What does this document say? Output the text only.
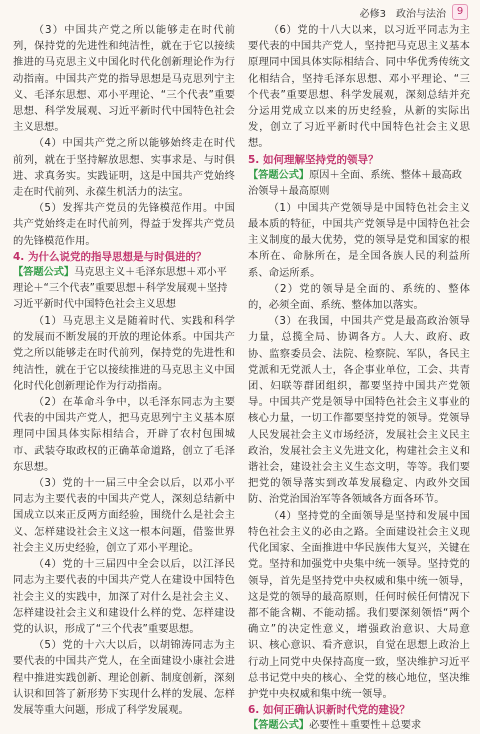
必修3　政治与法治	9

（3）中国共产党之所以能够走在时代前列，保持党的先进性和纯洁性，就在于它以接续推进的马克思主义中国化时代化创新理论作为行动指南。中国共产党的指导思想是马克思列宁主义、毛泽东思想、邓小平理论、“三个代表”重要思想、科学发展观、习近平新时代中国特色社会主义思想。

（4）中国共产党之所以能够始终走在时代前列，就在于坚持解放思想、实事求是、与时俱进、求真务实。实践证明，这是中国共产党始终走在时代前列、永葆生机活力的法宝。

（5）发挥共产党员的先锋模范作用。中国共产党始终走在时代前列，得益于发挥共产党员的先锋模范作用。

4. 为什么说党的指导思想是与时俱进的？

【答题公式】马克思主义＋毛泽东思想＋邓小平理论＋“三个代表”重要思想＋科学发展观＋坚持习近平新时代中国特色社会主义思想

（1）马克思主义是随着时代、实践和科学的发展而不断发展的开放的理论体系。中国共产党之所以能够走在时代前列，保持党的先进性和纯洁性，就在于它以接续推进的马克思主义中国化时代化创新理论作为行动指南。

（2）在革命斗争中，以毛泽东同志为主要代表的中国共产党人，把马克思列宁主义基本原理同中国具体实际相结合，开辟了农村包围城市、武装夺取政权的正确革命道路，创立了毛泽东思想。

（3）党的十一届三中全会以后，以邓小平同志为主要代表的中国共产党人，深刻总结新中国成立以来正反两方面经验，围绕什么是社会主义、怎样建设社会主义这一根本问题，借鉴世界社会主义历史经验，创立了邓小平理论。

（4）党的十三届四中全会以后，以江泽民同志为主要代表的中国共产党人在建设中国特色社会主义的实践中，加深了对什么是社会主义、怎样建设社会主义和建设什么样的党、怎样建设党的认识，形成了“三个代表”重要思想。

（5）党的十六大以后，以胡锦涛同志为主要代表的中国共产党人，在全面建设小康社会进程中推进实践创新、理论创新、制度创新，深刻认识和回答了新形势下实现什么样的发展、怎样发展等重大问题，形成了科学发展观。

（6）党的十八大以来，以习近平同志为主要代表的中国共产党人，坚持把马克思主义基本原理同中国具体实际相结合、同中华优秀传统文化相结合，坚持毛泽东思想、邓小平理论、“三个代表”重要思想、科学发展观，深刻总结并充分运用党成立以来的历史经验，从新的实际出发，创立了习近平新时代中国特色社会主义思想。

5. 如何理解坚持党的领导？

【答题公式】原因＋全面、系统、整体＋最高政治领导＋最高原则

（1）中国共产党领导是中国特色社会主义最本质的特征，中国共产党领导是中国特色社会主义制度的最大优势，党的领导是党和国家的根本所在、命脉所在，是全国各族人民的利益所系、命运所系。

（2）党的领导是全面的、系统的、整体的，必须全面、系统、整体加以落实。

（3）在我国，中国共产党是最高政治领导力量，总揽全局、协调各方。人大、政府、政协、监察委员会、法院、检察院、军队，各民主党派和无党派人士，各企事业单位，工会、共青团、妇联等群团组织，都要坚持中国共产党领导。中国共产党是领导中国特色社会主义事业的核心力量，一切工作都要坚持党的领导。党领导人民发展社会主义市场经济，发展社会主义民主政治，发展社会主义先进文化，构建社会主义和谐社会，建设社会主义生态文明，等等。我们要把党的领导落实到改革发展稳定、内政外交国防、治党治国治军等各领域各方面各环节。

（4）坚持党的全面领导是坚持和发展中国特色社会主义的必由之路。全面建设社会主义现代化国家、全面推进中华民族伟大复兴，关键在党。坚持和加强党中央集中统一领导。坚持党的领导，首先是坚持党中央权威和集中统一领导，这是党的领导的最高原则，任何时候任何情况下都不能含糊、不能动摇。我们要深刻领悟“两个确立”的决定性意义，增强政治意识、大局意识、核心意识、看齐意识，自觉在思想上政治上行动上同党中央保持高度一致，坚决维护习近平总书记党中央的核心、全党的核心地位，坚决维护党中央权威和集中统一领导。

6. 如何正确认识新时代党的建设？

【答题公式】必要性＋重要性＋总要求
